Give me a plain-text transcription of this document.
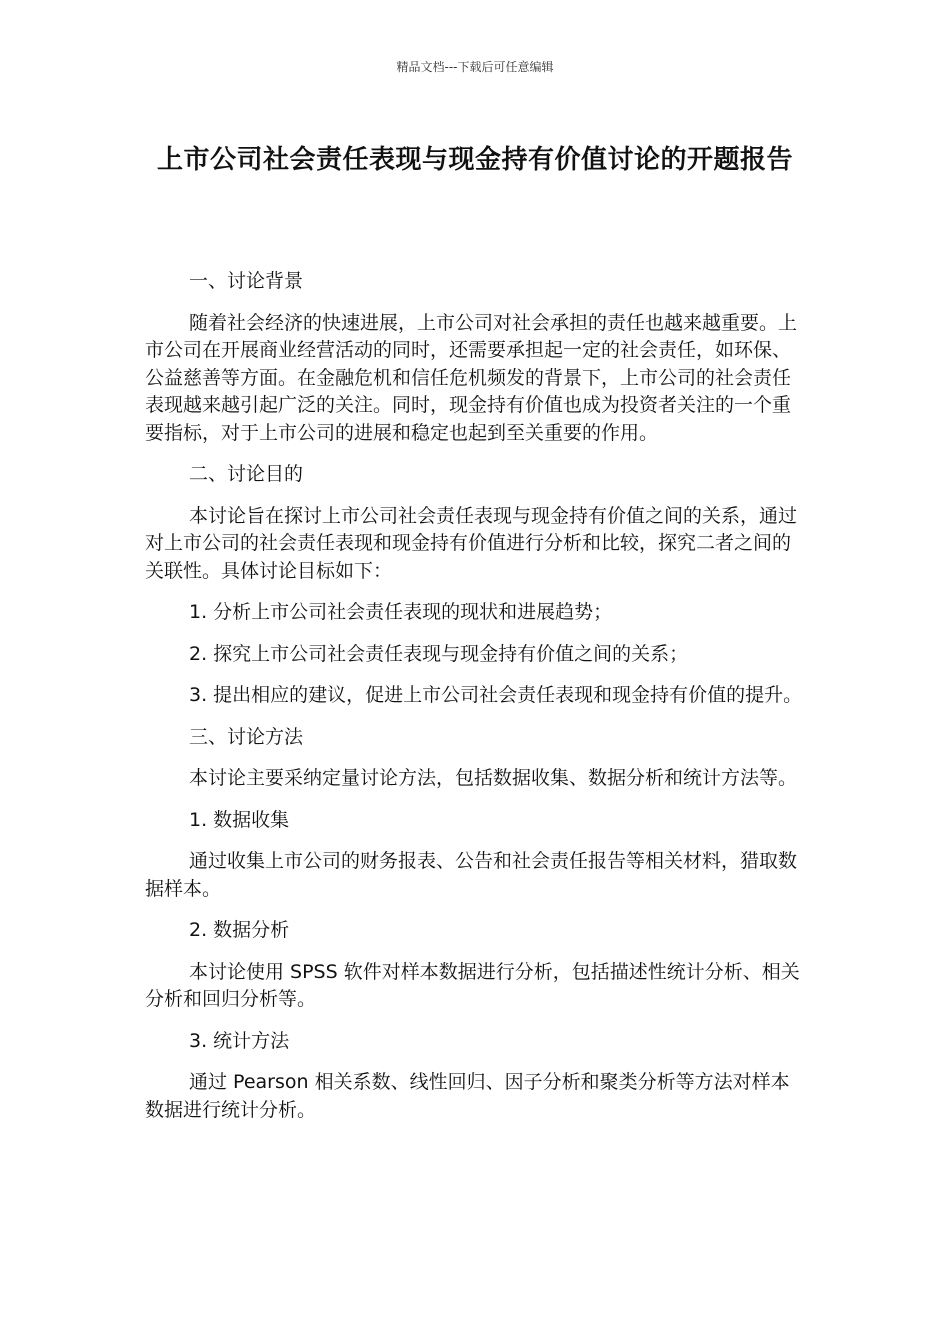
精品文档---下载后可任意编辑
上市公司社会责任表现与现金持有价值讨论的开题报告

一、讨论背景

随着社会经济的快速进展，上市公司对社会承担的责任也越来越重要。上市公司在开展商业经营活动的同时，还需要承担起一定的社会责任，如环保、公益慈善等方面。在金融危机和信任危机频发的背景下，上市公司的社会责任表现越来越引起广泛的关注。同时，现金持有价值也成为投资者关注的一个重要指标，对于上市公司的进展和稳定也起到至关重要的作用。

二、讨论目的

本讨论旨在探讨上市公司社会责任表现与现金持有价值之间的关系，通过对上市公司的社会责任表现和现金持有价值进行分析和比较，探究二者之间的关联性。具体讨论目标如下：

1. 分析上市公司社会责任表现的现状和进展趋势；

2. 探究上市公司社会责任表现与现金持有价值之间的关系；

3. 提出相应的建议，促进上市公司社会责任表现和现金持有价值的提升。

三、讨论方法

本讨论主要采纳定量讨论方法，包括数据收集、数据分析和统计方法等。

1. 数据收集

通过收集上市公司的财务报表、公告和社会责任报告等相关材料，猎取数据样本。

2. 数据分析

本讨论使用 SPSS 软件对样本数据进行分析，包括描述性统计分析、相关分析和回归分析等。

3. 统计方法

通过 Pearson 相关系数、线性回归、因子分析和聚类分析等方法对样本数据进行统计分析。
